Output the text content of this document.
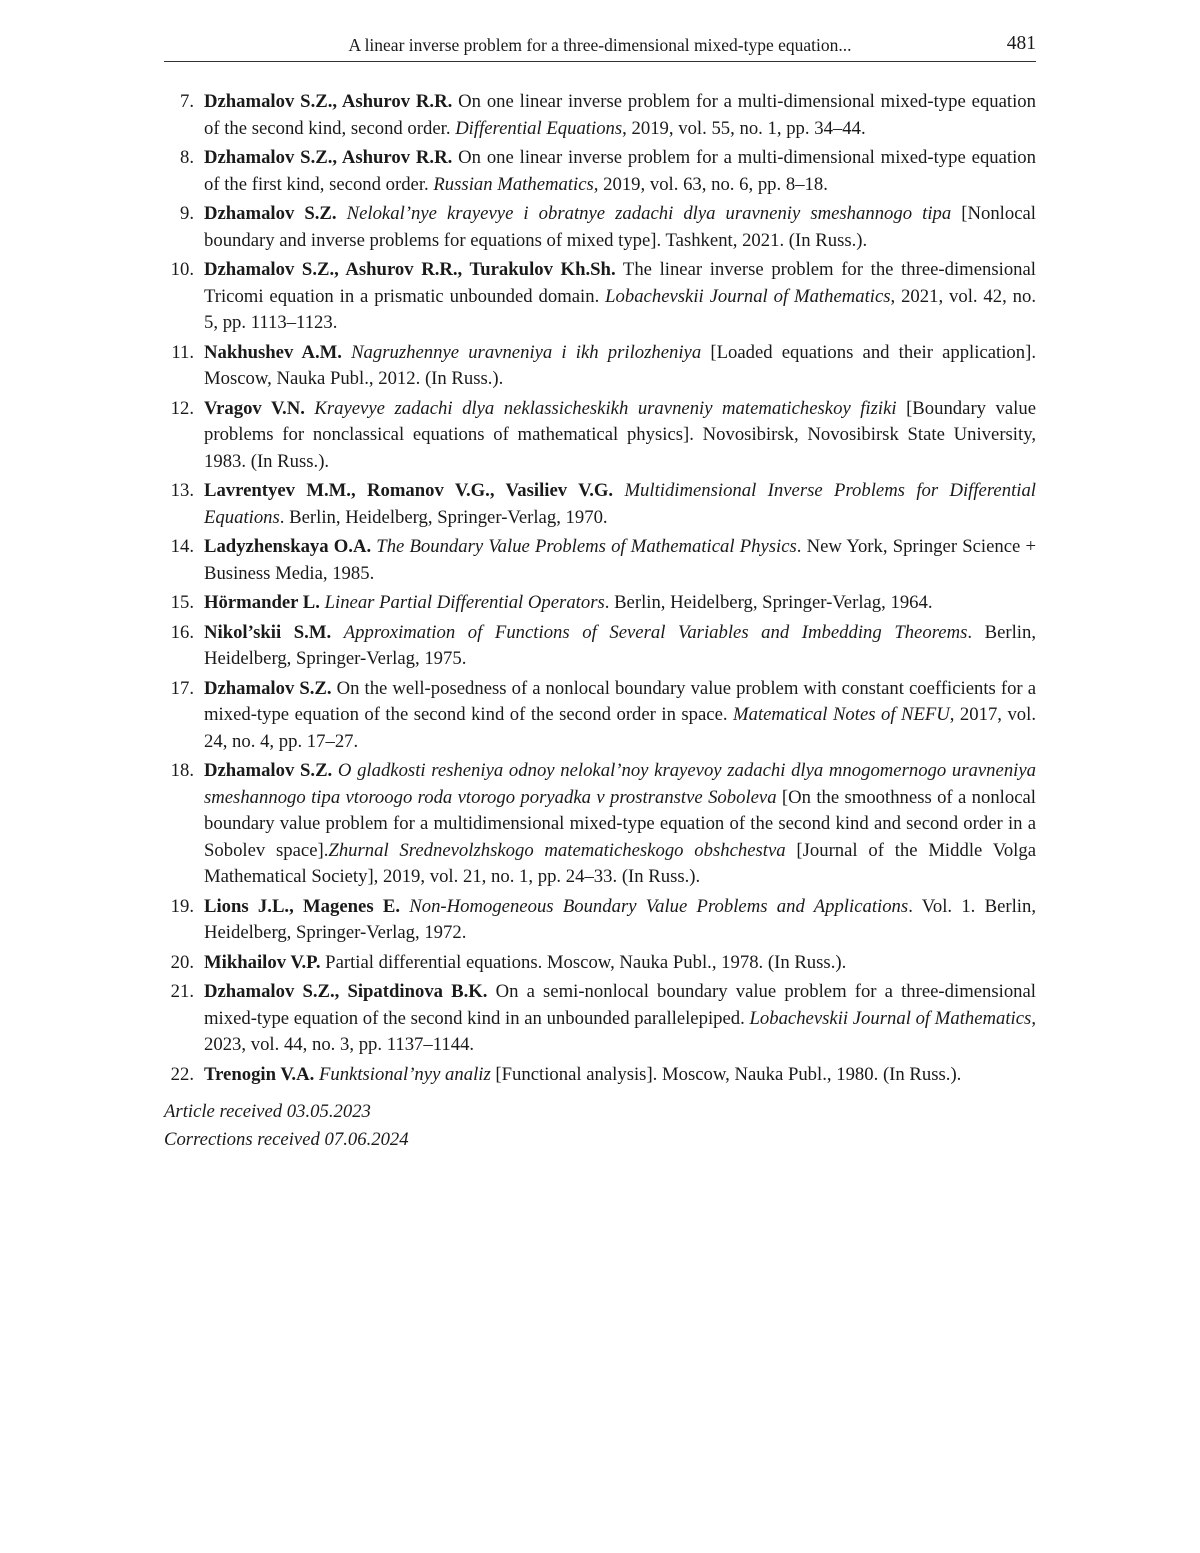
A linear inverse problem for a three-dimensional mixed-type equation...	481
7. Dzhamalov S.Z., Ashurov R.R. On one linear inverse problem for a multi-dimensional mixed-type equation of the second kind, second order. Differential Equations, 2019, vol. 55, no. 1, pp. 34–44.
8. Dzhamalov S.Z., Ashurov R.R. On one linear inverse problem for a multi-dimensional mixed-type equation of the first kind, second order. Russian Mathematics, 2019, vol. 63, no. 6, pp. 8–18.
9. Dzhamalov S.Z. Nelokal’nye krayevye i obratnye zadachi dlya uravneniy smeshannogo tipa [Nonlocal boundary and inverse problems for equations of mixed type]. Tashkent, 2021. (In Russ.).
10. Dzhamalov S.Z., Ashurov R.R., Turakulov Kh.Sh. The linear inverse problem for the three-dimensional Tricomi equation in a prismatic unbounded domain. Lobachevskii Journal of Mathematics, 2021, vol. 42, no. 5, pp. 1113–1123.
11. Nakhushev A.M. Nagruzhennye uravneniya i ikh prilozheniya [Loaded equations and their application]. Moscow, Nauka Publ., 2012. (In Russ.).
12. Vragov V.N. Krayevye zadachi dlya neklassicheskikh uravneniy matematicheskoy fiziki [Boundary value problems for nonclassical equations of mathematical physics]. Novosibirsk, Novosibirsk State University, 1983. (In Russ.).
13. Lavrentyev M.M., Romanov V.G., Vasiliev V.G. Multidimensional Inverse Problems for Differential Equations. Berlin, Heidelberg, Springer-Verlag, 1970.
14. Ladyzhenskaya O.A. The Boundary Value Problems of Mathematical Physics. New York, Springer Science + Business Media, 1985.
15. Hörmander L. Linear Partial Differential Operators. Berlin, Heidelberg, Springer-Verlag, 1964.
16. Nikol’skii S.M. Approximation of Functions of Several Variables and Imbedding Theorems. Berlin, Heidelberg, Springer-Verlag, 1975.
17. Dzhamalov S.Z. On the well-posedness of a nonlocal boundary value problem with constant coefficients for a mixed-type equation of the second kind of the second order in space. Matematical Notes of NEFU, 2017, vol. 24, no. 4, pp. 17–27.
18. Dzhamalov S.Z. O gladkosti resheniya odnoy nelokal’noy krayevoy zadachi dlya mnogomernogo uravneniya smeshannogo tipa vtoroogo roda vtorogo poryadka v prostranstve Soboleva [On the smoothness of a nonlocal boundary value problem for a multidimensional mixed-type equation of the second kind and second order in a Sobolev space].Zhurnal Srednevolzhskogo matematicheskogo obshchestva [Journal of the Middle Volga Mathematical Society], 2019, vol. 21, no. 1, pp. 24–33. (In Russ.).
19. Lions J.L., Magenes E. Non-Homogeneous Boundary Value Problems and Applications. Vol. 1. Berlin, Heidelberg, Springer-Verlag, 1972.
20. Mikhailov V.P. Partial differential equations. Moscow, Nauka Publ., 1978. (In Russ.).
21. Dzhamalov S.Z., Sipatdinova B.K. On a semi-nonlocal boundary value problem for a three-dimensional mixed-type equation of the second kind in an unbounded parallelepiped. Lobachevskii Journal of Mathematics, 2023, vol. 44, no. 3, pp. 1137–1144.
22. Trenogin V.A. Funktsional’nyy analiz [Functional analysis]. Moscow, Nauka Publ., 1980. (In Russ.).
Article received 03.05.2023
Corrections received 07.06.2024
